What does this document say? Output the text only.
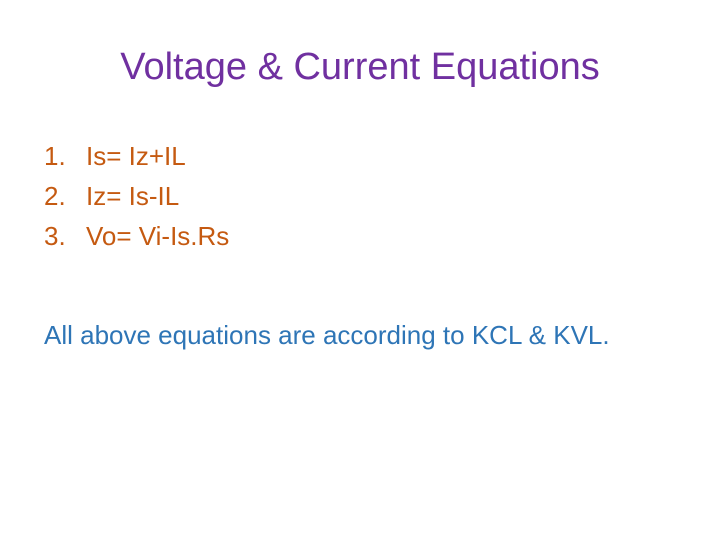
Voltage & Current Equations
1. Is= Iz+IL
2. Iz= Is-IL
3. Vo= Vi-Is.Rs
All above equations are according to KCL & KVL.
